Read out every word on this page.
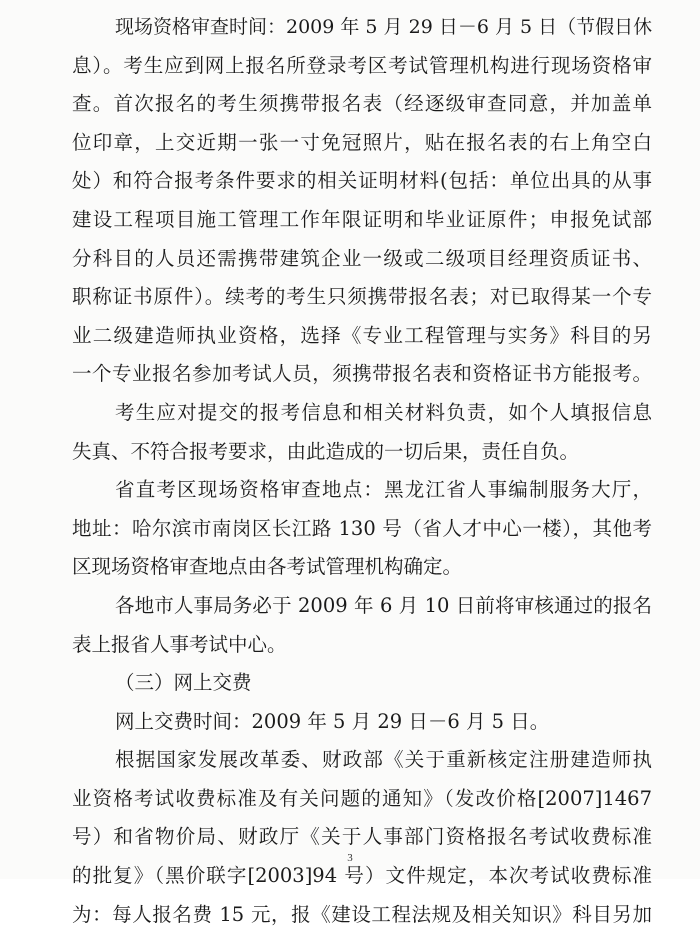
现场资格审查时间：2009 年 5 月 29 日－6 月 5 日（节假日休
息）。考生应到网上报名所登录考区考试管理机构进行现场资格审
查。首次报名的考生须携带报名表（经逐级审查同意，并加盖单
位印章，上交近期一张一寸免冠照片，贴在报名表的右上角空白
处）和符合报考条件要求的相关证明材料(包括：单位出具的从事
建设工程项目施工管理工作年限证明和毕业证原件；申报免试部
分科目的人员还需携带建筑企业一级或二级项目经理资质证书、
职称证书原件）。续考的考生只须携带报名表；对已取得某一个专
业二级建造师执业资格，选择《专业工程管理与实务》科目的另
一个专业报名参加考试人员，须携带报名表和资格证书方能报考。
考生应对提交的报考信息和相关材料负责，如个人填报信息
失真、不符合报考要求，由此造成的一切后果，责任自负。
省直考区现场资格审查地点：黑龙江省人事编制服务大厅，
地址：哈尔滨市南岗区长江路 130 号（省人才中心一楼），其他考
区现场资格审查地点由各考试管理机构确定。
各地市人事局务必于 2009 年 6 月 10 日前将审核通过的报名
表上报省人事考试中心。
（三）网上交费
网上交费时间：2009 年 5 月 29 日－6 月 5 日。
根据国家发展改革委、财政部《关于重新核定注册建造师执
业资格考试收费标准及有关问题的通知》（发改价格[2007]1467
号）和省物价局、财政厅《关于人事部门资格报名考试收费标准
的批复》（黑价联字[2003]94 号）文件规定，本次考试收费标准
为：每人报名费 15 元，报《建设工程法规及相关知识》科目另加
3
